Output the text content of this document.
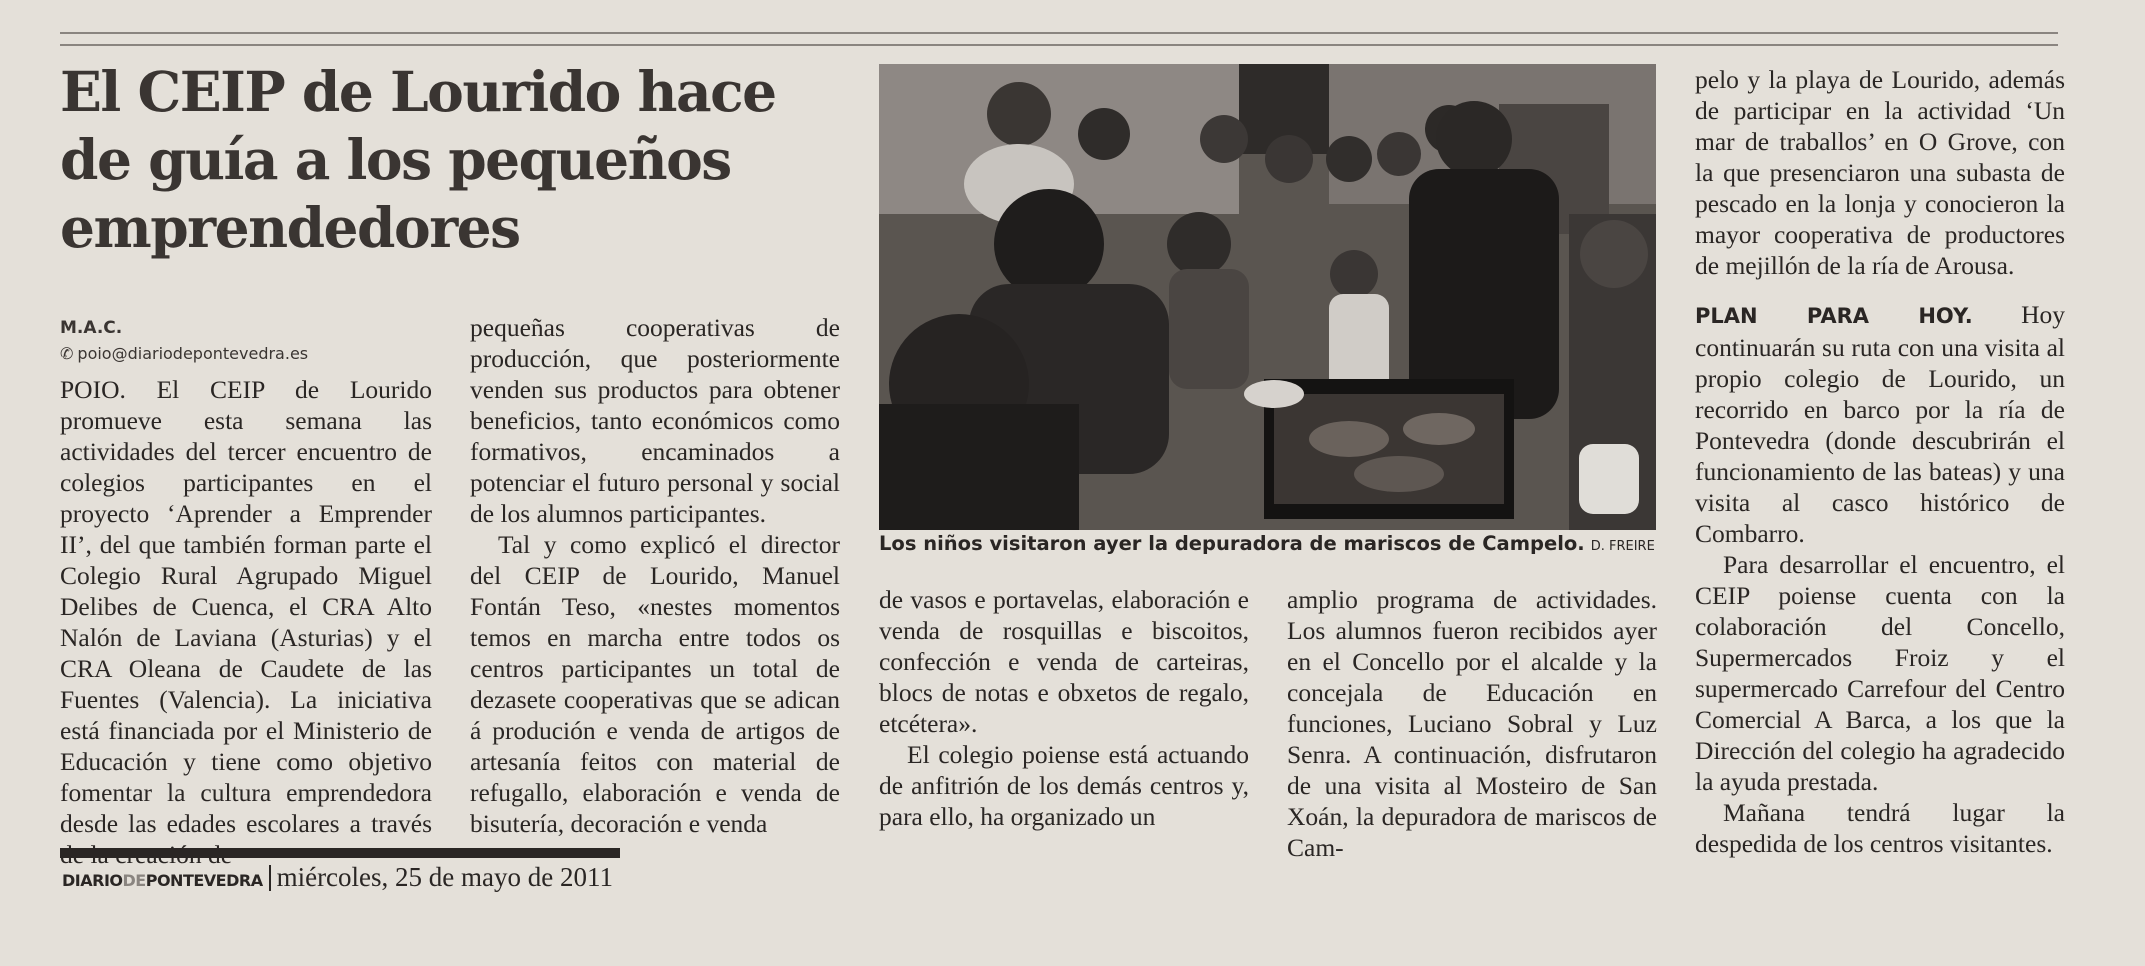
El CEIP de Lourido hace de guía a los pequeños emprendedores
M.A.C.
✆ poio@diariodepontevedra.es

POIO. El CEIP de Lourido promueve esta semana las actividades del tercer encuentro de colegios participantes en el proyecto ‘Aprender a Emprender II’, del que también forman parte el Colegio Rural Agrupado Miguel Delibes de Cuenca, el CRA Alto Nalón de Laviana (Asturias) y el CRA Oleana de Caudete de las Fuentes (Valencia). La iniciativa está financiada por el Ministerio de Educación y tiene como objetivo fomentar la cultura emprendedora desde las edades escolares a través

pequeñas cooperativas de producción, que posteriormente venden sus productos para obtener beneficios, tanto económicos como formativos, encaminados a potenciar el futuro personal y social de los alumnos participantes.

Tal y como explicó el director del CEIP de Lourido, Manuel Fontán Teso, «nestes momentos temos en marcha entre todos os centros participantes un total de dezasete cooperativas que se adican á produción e venda de artigos de artesanía feitos con material de refugallo, elaboración e venda de bisutería, decoración e venda

Los niños visitaron ayer la depuradora de mariscos de Campelo. D. FREIRE

de vasos e portavelas, elaboración e venda de rosquillas e biscoitos, confección e venda de carteiras, blocs de notas e obxetos de regalo, etcétera».

El colegio poiense está actuando de anfitrión de los demás centros y, para ello, ha organizado un

amplio programa de actividades. Los alumnos fueron recibidos ayer en el Concello por el alcalde y la concejala de Educación en funciones, Luciano Sobral y Luz Senra. A continuación, disfrutaron de una visita al Mosteiro de San Xoán, la depuradora de mariscos de Cam-

pelo y la playa de Lourido, además de participar en la actividad ‘Un mar de traballos’ en O Grove, con la que presenciaron una subasta de pescado en la lonja y conocieron la mayor cooperativa de productores de mejillón de la ría de Arousa.

PLAN PARA HOY. Hoy continuarán su ruta con una visita al propio colegio de Lourido, un recorrido en barco por la ría de Pontevedra (donde descubrirán el funcionamiento de las bateas) y una visita al casco histórico de Combarro.

Para desarrollar el encuentro, el CEIP poiense cuenta con la colaboración del Concello, Supermercados Froiz y el supermercado Carrefour del Centro Comercial A Barca, a los que la Dirección del colegio ha agradecido la ayuda prestada.

Mañana tendrá lugar la despedida de los centros visitantes.

DIARIODEPONTEVEDRA miércoles, 25 de mayo de 2011
